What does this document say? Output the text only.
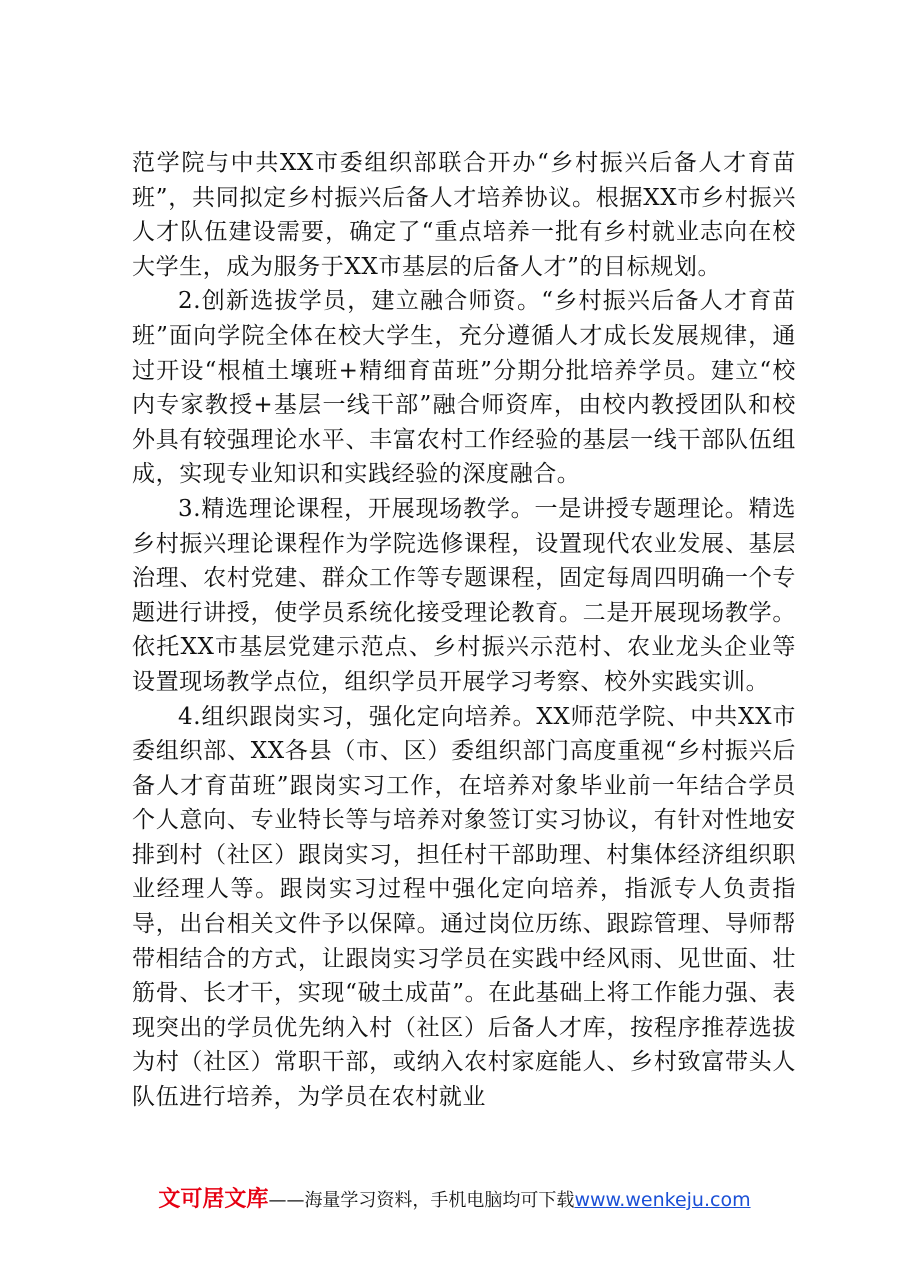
范学院与中共XX市委组织部联合开办“乡村振兴后备人才育苗班”，共同拟定乡村振兴后备人才培养协议。根据XX市乡村振兴人才队伍建设需要，确定了“重点培养一批有乡村就业志向在校大学生，成为服务于XX市基层的后备人才”的目标规划。

2.创新选拔学员，建立融合师资。“乡村振兴后备人才育苗班”面向学院全体在校大学生，充分遵循人才成长发展规律，通过开设“根植土壤班+精细育苗班”分期分批培养学员。建立“校内专家教授+基层一线干部”融合师资库，由校内教授团队和校外具有较强理论水平、丰富农村工作经验的基层一线干部队伍组成，实现专业知识和实践经验的深度融合。

3.精选理论课程，开展现场教学。一是讲授专题理论。精选乡村振兴理论课程作为学院选修课程，设置现代农业发展、基层治理、农村党建、群众工作等专题课程，固定每周四明确一个专题进行讲授，使学员系统化接受理论教育。二是开展现场教学。依托XX市基层党建示范点、乡村振兴示范村、农业龙头企业等设置现场教学点位，组织学员开展学习考察、校外实践实训。

4.组织跟岗实习，强化定向培养。XX师范学院、中共XX市委组织部、XX各县（市、区）委组织部门高度重视“乡村振兴后备人才育苗班”跟岗实习工作，在培养对象毕业前一年结合学员个人意向、专业特长等与培养对象签订实习协议，有针对性地安排到村（社区）跟岗实习，担任村干部助理、村集体经济组织职业经理人等。跟岗实习过程中强化定向培养，指派专人负责指导，出台相关文件予以保障。通过岗位历练、跟踪管理、导师帮带相结合的方式，让跟岗实习学员在实践中经风雨、见世面、壮筋骨、长才干，实现“破土成苗”。在此基础上将工作能力强、表现突出的学员优先纳入村（社区）后备人才库，按程序推荐选拔为村（社区）常职干部，或纳入农村家庭能人、乡村致富带头人队伍进行培养，为学员在农村就业

文可居文库——海量学习资料，手机电脑均可下载www.wenkeju.com
